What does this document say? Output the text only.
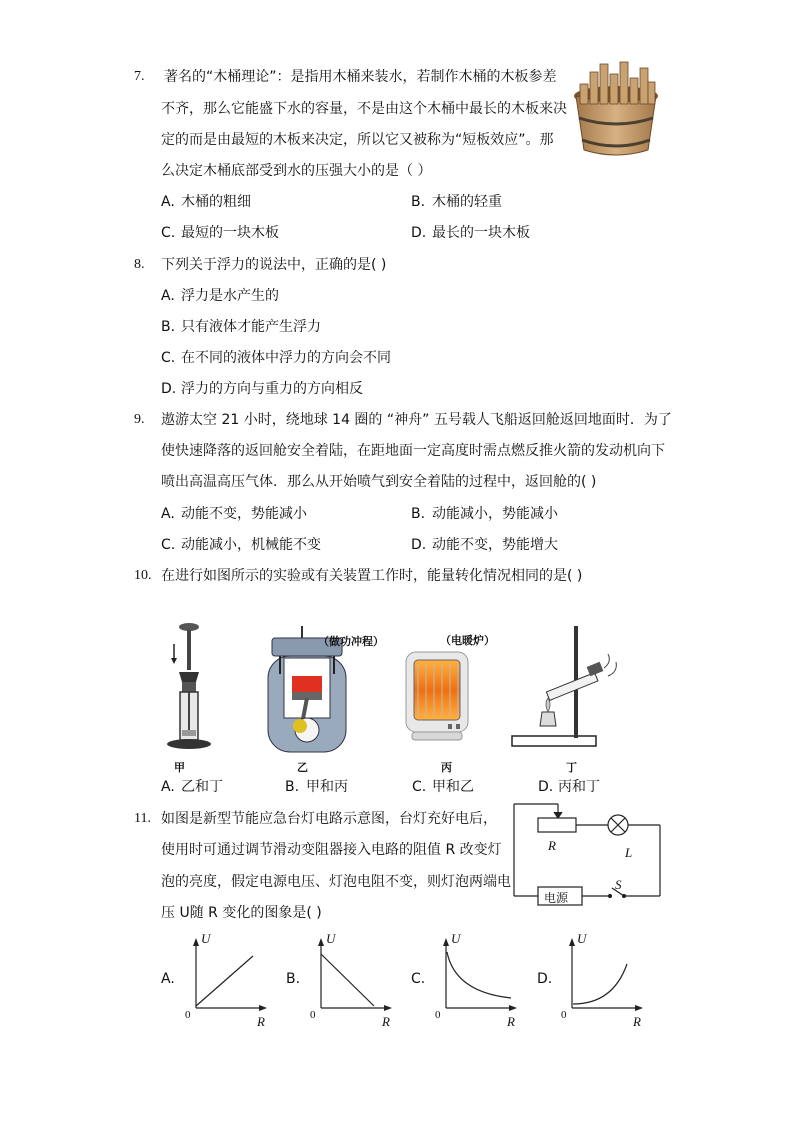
7. 著名的“木桶理论”：是指用木桶来装水，若制作木桶的木板参差
不齐，那么它能盛下水的容量，不是由这个木桶中最长的木板来决
定的而是由最短的木板来决定，所以它又被称为“短板效应”。那
么决定木桶底部受到水的压强大小的是（ ）
A. 木桶的粗细	B. 木桶的轻重
C. 最短的一块木板	D. 最长的一块木板
8. 下列关于浮力的说法中，正确的是( )
A. 浮力是水产生的
B. 只有液体才能产生浮力
C. 在不同的液体中浮力的方向会不同
D. 浮力的方向与重力的方向相反
9. 遨游太空 21 小时，绕地球 14 圈的 “神舟” 五号载人飞船返回舱返回地面时．为了
使快速降落的返回舱安全着陆，在距地面一定高度时需点燃反推火箭的发动机向下
喷出高温高压气体．那么从开始喷气到安全着陆的过程中，返回舱的( )
A. 动能不变，势能减小	B. 动能减小，势能减小
C. 动能减小，机械能不变	D. 动能不变，势能增大
10. 在进行如图所示的实验或有关装置工作时，能量转化情况相同的是( )
（做功冲程）	（电暖炉）
甲	乙	丙	丁
A. 乙和丁	B. 甲和丙	C. 甲和乙	D. 丙和丁
11. 如图是新型节能应急台灯电路示意图，台灯充好电后，
使用时可通过调节滑动变阻器接入电路的阻值 R 改变灯
泡的亮度，假定电源电压、灯泡电阻不变，则灯泡两端电
压 U随 R 变化的图象是( )
R	L
S
电源
A.
U
R
0
B.
U
R
0
C.
U
R
0
D.
U
R
0
